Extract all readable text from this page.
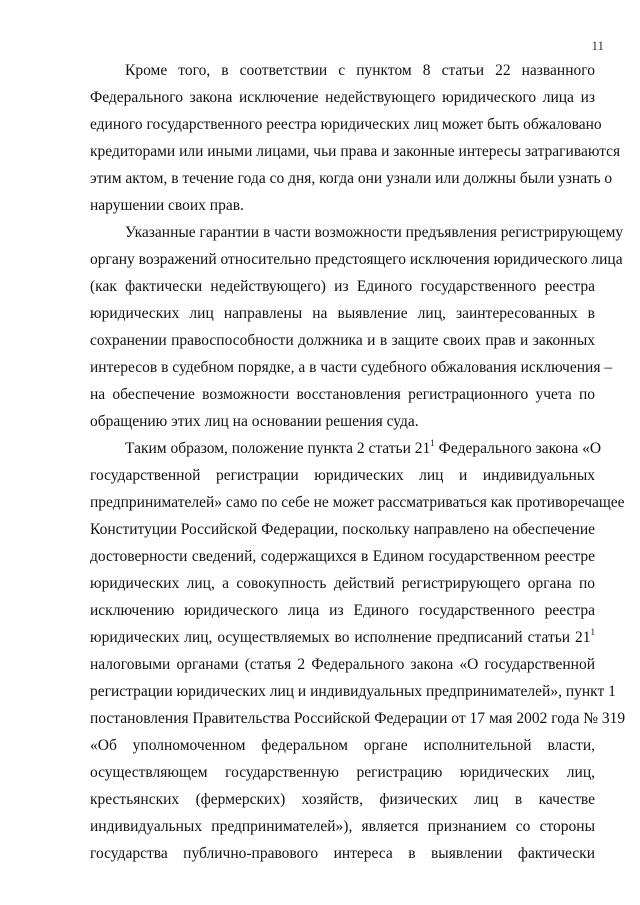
11
Кроме того, в соответствии с пунктом 8 статьи 22 названного
Федерального закона исключение недействующего юридического лица из
единого государственного реестра юридических лиц может быть обжаловано
кредиторами или иными лицами, чьи права и законные интересы затрагиваются
этим актом, в течение года со дня, когда они узнали или должны были узнать о
нарушении своих прав.
Указанные гарантии в части возможности предъявления регистрирующему
органу возражений относительно предстоящего исключения юридического лица
(как фактически недействующего) из Единого государственного реестра
юридических лиц направлены на выявление лиц, заинтересованных в
сохранении правоспособности должника и в защите своих прав и законных
интересов в судебном порядке, а в части судебного обжалования исключения –
на обеспечение возможности восстановления регистрационного учета по
обращению этих лиц на основании решения суда.
Таким образом, положение пункта 2 статьи $21^1$ Федерального закона «О
государственной регистрации юридических лиц и индивидуальных
предпринимателей» само по себе не может рассматриваться как противоречащее
Конституции Российской Федерации, поскольку направлено на обеспечение
достоверности сведений, содержащихся в Едином государственном реестре
юридических лиц, а совокупность действий регистрирующего органа по
исключению юридического лица из Единого государственного реестра
юридических лиц, осуществляемых во исполнение предписаний статьи $21^1$
налоговыми органами (статья 2 Федерального закона «О государственной
регистрации юридических лиц и индивидуальных предпринимателей», пункт 1
постановления Правительства Российской Федерации от 17 мая 2002 года № 319
«Об уполномоченном федеральном органе исполнительной власти,
осуществляющем государственную регистрацию юридических лиц,
крестьянских (фермерских) хозяйств, физических лиц в качестве
индивидуальных предпринимателей»), является признанием со стороны
государства публично-правового интереса в выявлении фактически
